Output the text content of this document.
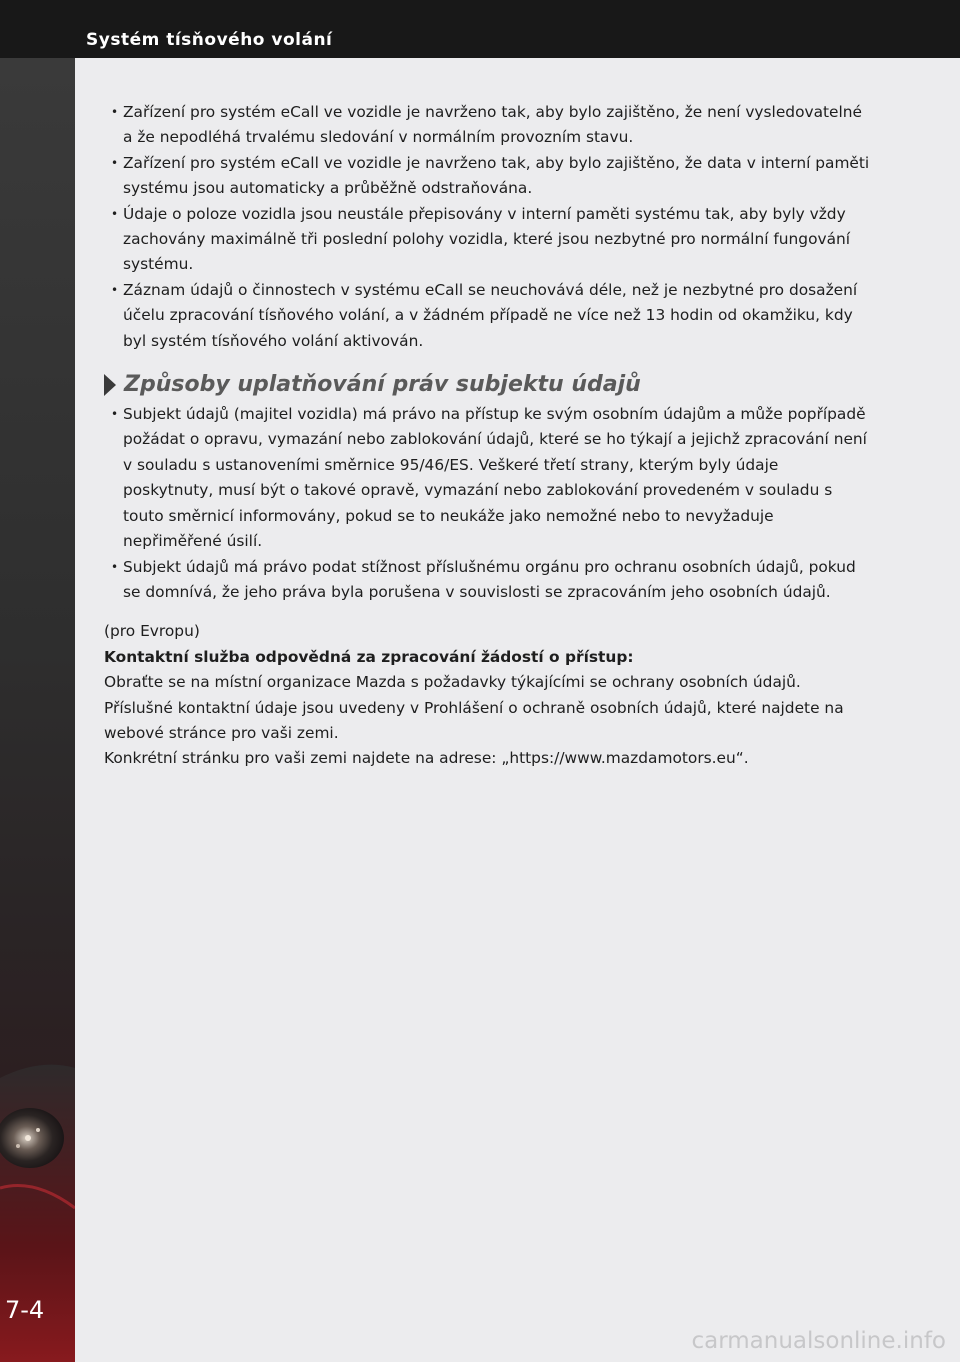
Systém tísňového volání
7-4
• Zařízení pro systém eCall ve vozidle je navrženo tak, aby bylo zajištěno, že není vysledovatelné a že nepodléhá trvalému sledování v normálním provozním stavu.
• Zařízení pro systém eCall ve vozidle je navrženo tak, aby bylo zajištěno, že data v interní paměti systému jsou automaticky a průběžně odstraňována.
• Údaje o poloze vozidla jsou neustále přepisovány v interní paměti systému tak, aby byly vždy zachovány maximálně tři poslední polohy vozidla, které jsou nezbytné pro normální fungování systému.
• Záznam údajů o činnostech v systému eCall se neuchovává déle, než je nezbytné pro dosažení účelu zpracování tísňového volání, a v žádném případě ne více než 13 hodin od okamžiku, kdy byl systém tísňového volání aktivován.
Způsoby uplatňování práv subjektu údajů
• Subjekt údajů (majitel vozidla) má právo na přístup ke svým osobním údajům a může popřípadě požádat o opravu, vymazání nebo zablokování údajů, které se ho týkají a jejichž zpracování není v souladu s ustanoveními směrnice 95/46/ES. Veškeré třetí strany, kterým byly údaje poskytnuty, musí být o takové opravě, vymazání nebo zablokování provedeném v souladu s touto směrnicí informovány, pokud se to neukáže jako nemožné nebo to nevyžaduje nepřiměřené úsilí.
• Subjekt údajů má právo podat stížnost příslušnému orgánu pro ochranu osobních údajů, pokud se domnívá, že jeho práva byla porušena v souvislosti se zpracováním jeho osobních údajů.

(pro Evropu)

Kontaktní služba odpovědná za zpracování žádostí o přístup:

Obraťte se na místní organizace Mazda s požadavky týkajícími se ochrany osobních údajů. Příslušné kontaktní údaje jsou uvedeny v Prohlášení o ochraně osobních údajů, které najdete na webové stránce pro vaši zemi.

Konkrétní stránku pro vaši zemi najdete na adrese: „https://www.mazdamotors.eu“.

carmanualsonline.info
